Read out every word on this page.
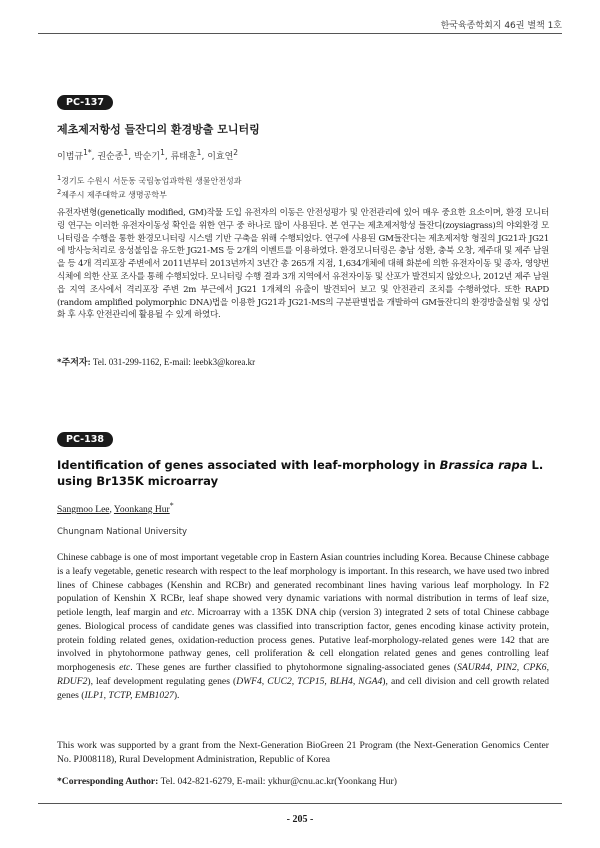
한국육종학회지 46권 별책 1호
PC-137
제초제저항성 들잔디의 환경방출 모니터링
이범규$^{1*}$, 권순종$^1$, 박순기$^1$, 류태훈$^1$, 이효연$^2$
$^1$경기도 수원시 서둔동 국립농업과학원 생물안전성과
$^2$제주시 제주대학교 생명공학부
유전자변형(genetically modified, GM)작물 도입 유전자의 이동은 안전성평가 및 안전관리에 있어 매우 중요한 요소이며, 환경 모니터링 연구는 이러한 유전자이동성 확인을 위한 연구 중 하나로 많이 사용된다. 본 연구는 제초제저항성 들잔디(zoysiagrass)의 야외환경 모니터링을 수행을 통한 환경모니터링 시스템 기반 구축을 위해 수행되었다. 연구에 사용된 GM들잔디는 제초제저항 형질의 JG21과 JG21에 방사능처리로 웅성불임을 유도한 JG21-MS 등 2개의 이벤트를 이용하였다. 환경모니터링은 충남 성환, 충북 오창, 제주대 및 제주 남원을 등 4개 격리포장 주변에서 2011년부터 2013년까지 3년간 총 265개 지점, 1,634개체에 대해 화분에 의한 유전자이동 및 종자, 영양번식체에 의한 산포 조사를 통해 수행되었다. 모니터링 수행 결과 3개 지역에서 유전자이동 및 산포가 발견되지 않았으나, 2012년 제주 남원읍 지역 조사에서 격리포장 주변 2m 부근에서 JG21 1개체의 유출이 발견되어 보고 및 안전관리 조치를 수행하였다. 또한 RAPD (random amplified polymorphic DNA)법을 이용한 JG21과 JG21-MS의 구분판별법을 개발하여 GM들잔디의 환경방출실험 및 상업화 후 사후 안전관리에 활용될 수 있게 하였다.
*주저자: Tel. 031-299-1162, E-mail: leebk3@korea.kr
PC-138
Identification of genes associated with leaf-morphology in Brassica rapa L. using Br135K microarray
Sangmoo Lee, Yoonkang Hur*
Chungnam National University
Chinese cabbage is one of most important vegetable crop in Eastern Asian countries including Korea. Because Chinese cabbage is a leafy vegetable, genetic research with respect to the leaf morphology is important. In this research, we have used two inbred lines of Chinese cabbages (Kenshin and RCBr) and generated recombinant lines having various leaf morphology. In F2 population of Kenshin X RCBr, leaf shape showed very dynamic variations with normal distribution in terms of leaf size, petiole length, leaf margin and etc. Microarray with a 135K DNA chip (version 3) integrated 2 sets of total Chinese cabbage genes. Biological process of candidate genes was classified into transcription factor, genes encoding kinase activity protein, protein folding related genes, oxidation-reduction process genes. Putative leaf-morphology-related genes were 142 that are involved in phytohormone pathway genes, cell proliferation & cell elongation related genes and genes controlling leaf morphogenesis etc. These genes are further classified to phytohormone signaling-associated genes (SAUR44, PIN2, CPK6, RDUF2), leaf development regulating genes (DWF4, CUC2, TCP15, BLH4, NGA4), and cell division and cell growth related genes (ILP1, TCTP, EMB1027).
This work was supported by a grant from the Next-Generation BioGreen 21 Program (the Next-Generation Genomics Center No. PJ008118), Rural Development Administration, Republic of Korea
*Corresponding Author: Tel. 042-821-6279, E-mail: ykhur@cnu.ac.kr(Yoonkang Hur)
- 205 -
